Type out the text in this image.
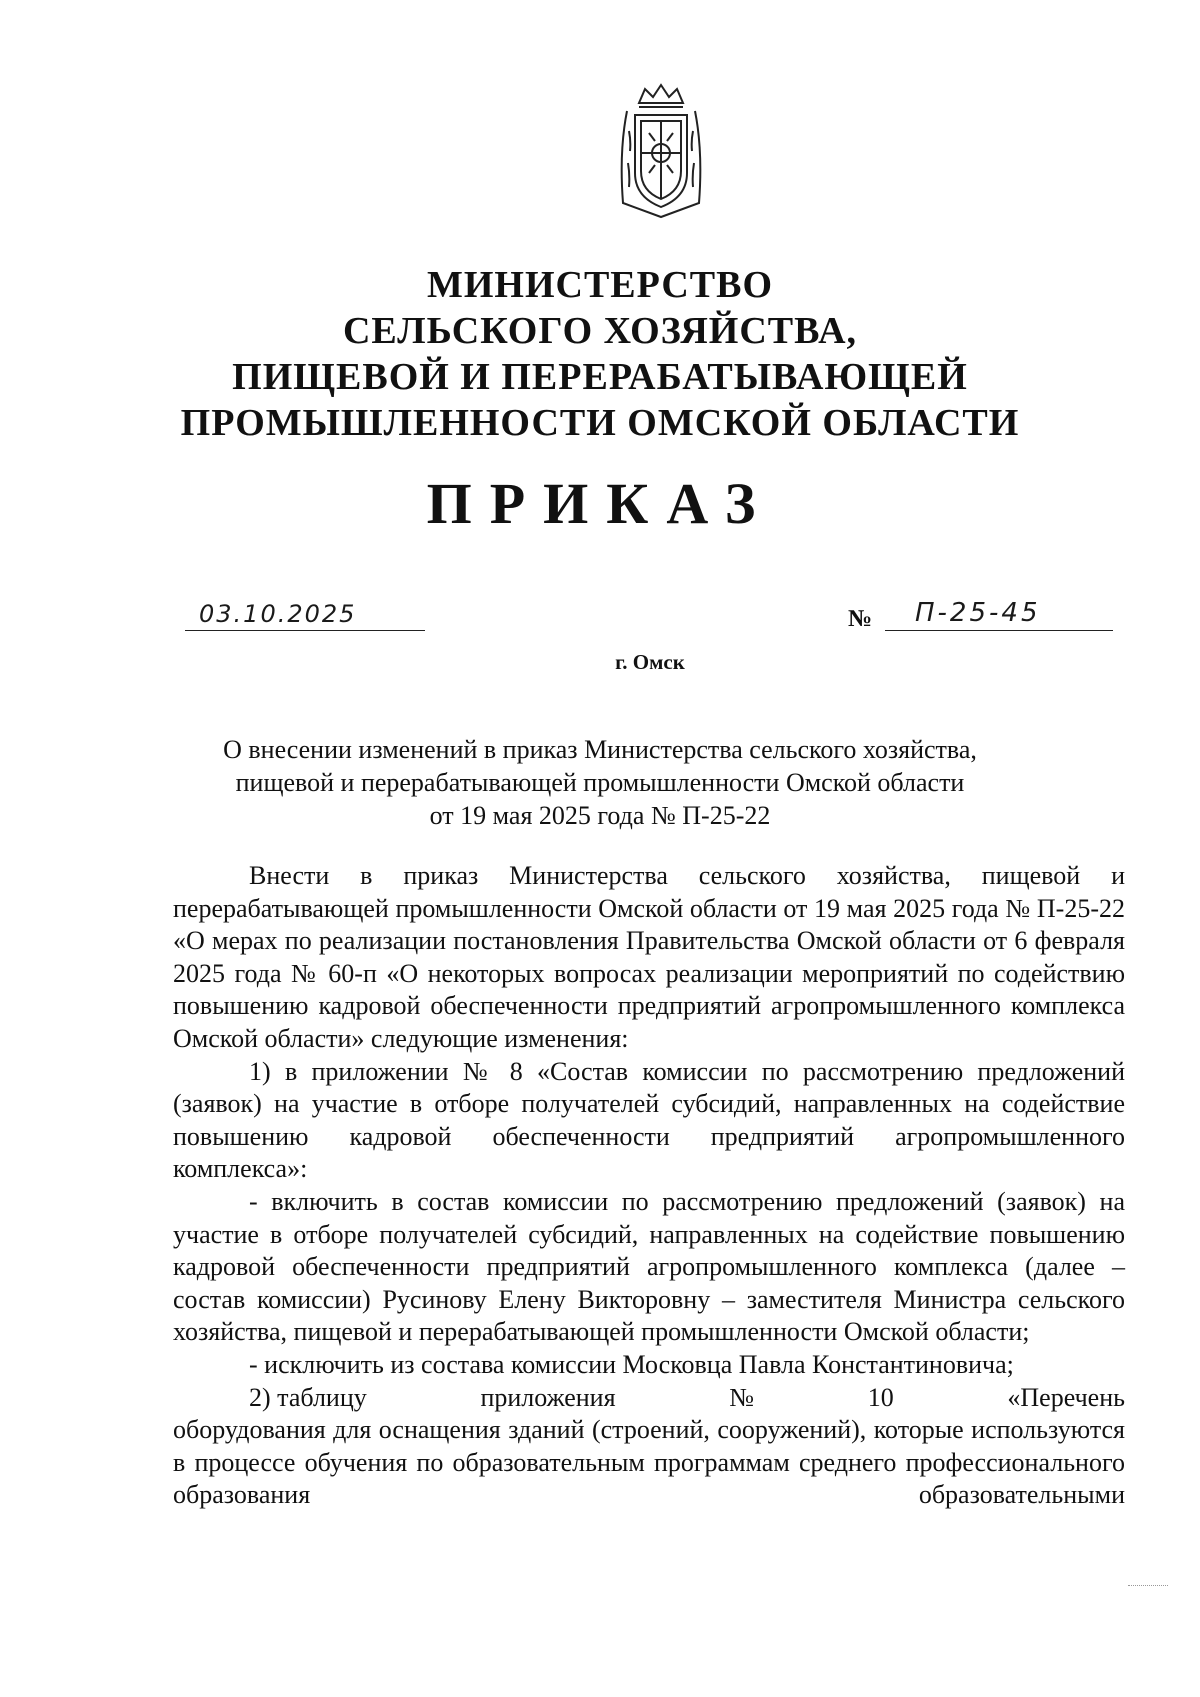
МИНИСТЕРСТВО
СЕЛЬСКОГО ХОЗЯЙСТВА,
ПИЩЕВОЙ И ПЕРЕРАБАТЫВАЮЩЕЙ
ПРОМЫШЛЕННОСТИ ОМСКОЙ ОБЛАСТИ
ПРИКАЗ
03.10.2025	№ П-25-45
г. Омск
О внесении изменений в приказ Министерства сельского хозяйства,
пищевой и перерабатывающей промышленности Омской области
от 19 мая 2025 года № П-25-22

Внести в приказ Министерства сельского хозяйства, пищевой и перерабатывающей промышленности Омской области от 19 мая 2025 года № П-25-22 «О мерах по реализации постановления Правительства Омской области от 6 февраля 2025 года № 60-п «О некоторых вопросах реализации мероприятий по содействию повышению кадровой обеспеченности предприятий агропромышленного комплекса Омской области» следующие изменения:

1) в приложении № 8 «Состав комиссии по рассмотрению предложений (заявок) на участие в отборе получателей субсидий, направленных на содействие повышению кадровой обеспеченности предприятий агропромышленного комплекса»:

- включить в состав комиссии по рассмотрению предложений (заявок) на участие в отборе получателей субсидий, направленных на содействие повышению кадровой обеспеченности предприятий агропромышленного комплекса (далее – состав комиссии) Русинову Елену Викторовну – заместителя Министра сельского хозяйства, пищевой и перерабатывающей промышленности Омской области;

- исключить из состава комиссии Московца Павла Константиновича;

2) таблицу	приложения	№	10	«Перечень

оборудования для оснащения зданий (строений, сооружений), которые используются в процессе обучения по образовательным программам среднего профессионального образования образовательными
